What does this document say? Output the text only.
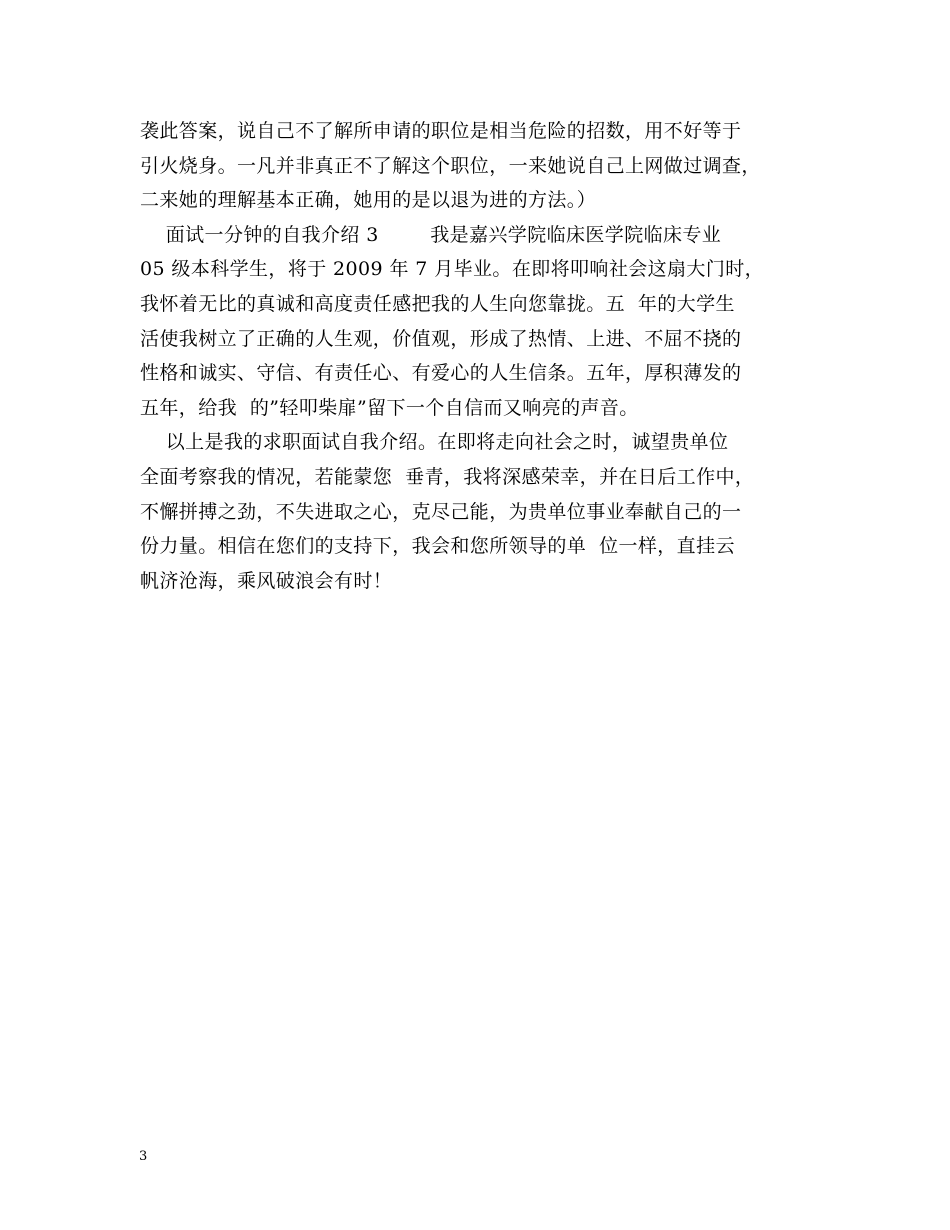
袭此答案，说自己不了解所申请的职位是相当危险的招数，用不好等于
引火烧身。一凡并非真正不了解这个职位，一来她说自己上网做过调查，
二来她的理解基本正确，她用的是以退为进的方法。）
面试一分钟的自我介绍 3        我是嘉兴学院临床医学院临床专业
05 级本科学生，将于 2009 年 7 月毕业。在即将叩响社会这扇大门时，
我怀着无比的真诚和高度责任感把我的人生向您靠拢。五  年的大学生
活使我树立了正确的人生观，价值观，形成了热情、上进、不屈不挠的
性格和诚实、守信、有责任心、有爱心的人生信条。五年，厚积薄发的
五年，给我  的”轻叩柴扉”留下一个自信而又响亮的声音。
以上是我的求职面试自我介绍。在即将走向社会之时，诚望贵单位
全面考察我的情况，若能蒙您  垂青，我将深感荣幸，并在日后工作中，
不懈拼搏之劲，不失进取之心，克尽己能，为贵单位事业奉献自己的一
份力量。相信在您们的支持下，我会和您所领导的单  位一样，直挂云
帆济沧海，乘风破浪会有时！
3
